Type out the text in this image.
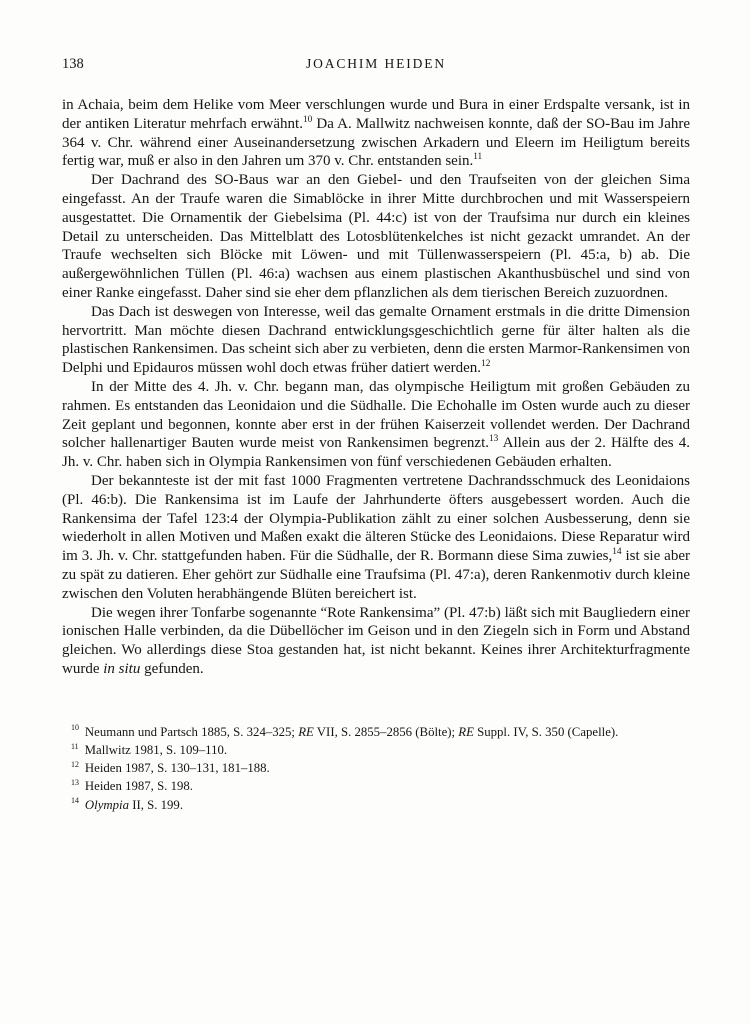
138	JOACHIM HEIDEN

in Achaia, beim dem Helike vom Meer verschlungen wurde und Bura in einer Erdspalte versank, ist in der antiken Literatur mehrfach erwähnt.$^{10}$ Da A. Mallwitz nachweisen konnte, daß der SO-Bau im Jahre 364 v. Chr. während einer Auseinandersetzung zwischen Arkadern und Eleern im Heiligtum bereits fertig war, muß er also in den Jahren um 370 v. Chr. entstanden sein.$^{11}$

Der Dachrand des SO-Baus war an den Giebel- und den Traufseiten von der gleichen Sima eingefasst. An der Traufe waren die Simablöcke in ihrer Mitte durchbrochen und mit Wasserspeiern ausgestattet. Die Ornamentik der Giebelsima (Pl. 44:c) ist von der Traufsima nur durch ein kleines Detail zu unterscheiden. Das Mittelblatt des Lotosblütenkelches ist nicht gezackt umrandet. An der Traufe wechselten sich Blöcke mit Löwen- und mit Tüllenwasserspeiern (Pl. 45:a, b) ab. Die außergewöhnlichen Tüllen (Pl. 46:a) wachsen aus einem plastischen Akanthusbüschel und sind von einer Ranke eingefasst. Daher sind sie eher dem pflanzlichen als dem tierischen Bereich zuzuordnen.

Das Dach ist deswegen von Interesse, weil das gemalte Ornament erstmals in die dritte Dimension hervortritt. Man möchte diesen Dachrand entwicklungsgeschichtlich gerne für älter halten als die plastischen Rankensimen. Das scheint sich aber zu verbieten, denn die ersten Marmor-Rankensimen von Delphi und Epidauros müssen wohl doch etwas früher datiert werden.$^{12}$

In der Mitte des 4. Jh. v. Chr. begann man, das olympische Heiligtum mit großen Gebäuden zu rahmen. Es entstanden das Leonidaion und die Südhalle. Die Echohalle im Osten wurde auch zu dieser Zeit geplant und begonnen, konnte aber erst in der frühen Kaiserzeit vollendet werden. Der Dachrand solcher hallenartiger Bauten wurde meist von Rankensimen begrenzt.$^{13}$ Allein aus der 2. Hälfte des 4. Jh. v. Chr. haben sich in Olympia Rankensimen von fünf verschiedenen Gebäuden erhalten.

Der bekannteste ist der mit fast 1000 Fragmenten vertretene Dachrandsschmuck des Leonidaions (Pl. 46:b). Die Rankensima ist im Laufe der Jahrhunderte öfters ausgebessert worden. Auch die Rankensima der Tafel 123:4 der Olympia-Publikation zählt zu einer solchen Ausbesserung, denn sie wiederholt in allen Motiven und Maßen exakt die älteren Stücke des Leonidaions. Diese Reparatur wird im 3. Jh. v. Chr. stattgefunden haben. Für die Südhalle, der R. Bormann diese Sima zuwies,$^{14}$ ist sie aber zu spät zu datieren. Eher gehört zur Südhalle eine Traufsima (Pl. 47:a), deren Rankenmotiv durch kleine zwischen den Voluten herabhängende Blüten bereichert ist.

Die wegen ihrer Tonfarbe sogenannte “Rote Rankensima” (Pl. 47:b) läßt sich mit Baugliedern einer ionischen Halle verbinden, da die Dübellöcher im Geison und in den Ziegeln sich in Form und Abstand gleichen. Wo allerdings diese Stoa gestanden hat, ist nicht bekannt. Keines ihrer Architekturfragmente wurde in situ gefunden.

$^{10}$ Neumann und Partsch 1885, S. 324–325; RE VII, S. 2855–2856 (Bölte); RE Suppl. IV, S. 350 (Capelle).

$^{11}$ Mallwitz 1981, S. 109–110.

$^{12}$ Heiden 1987, S. 130–131, 181–188.

$^{13}$ Heiden 1987, S. 198.

$^{14}$ Olympia II, S. 199.
